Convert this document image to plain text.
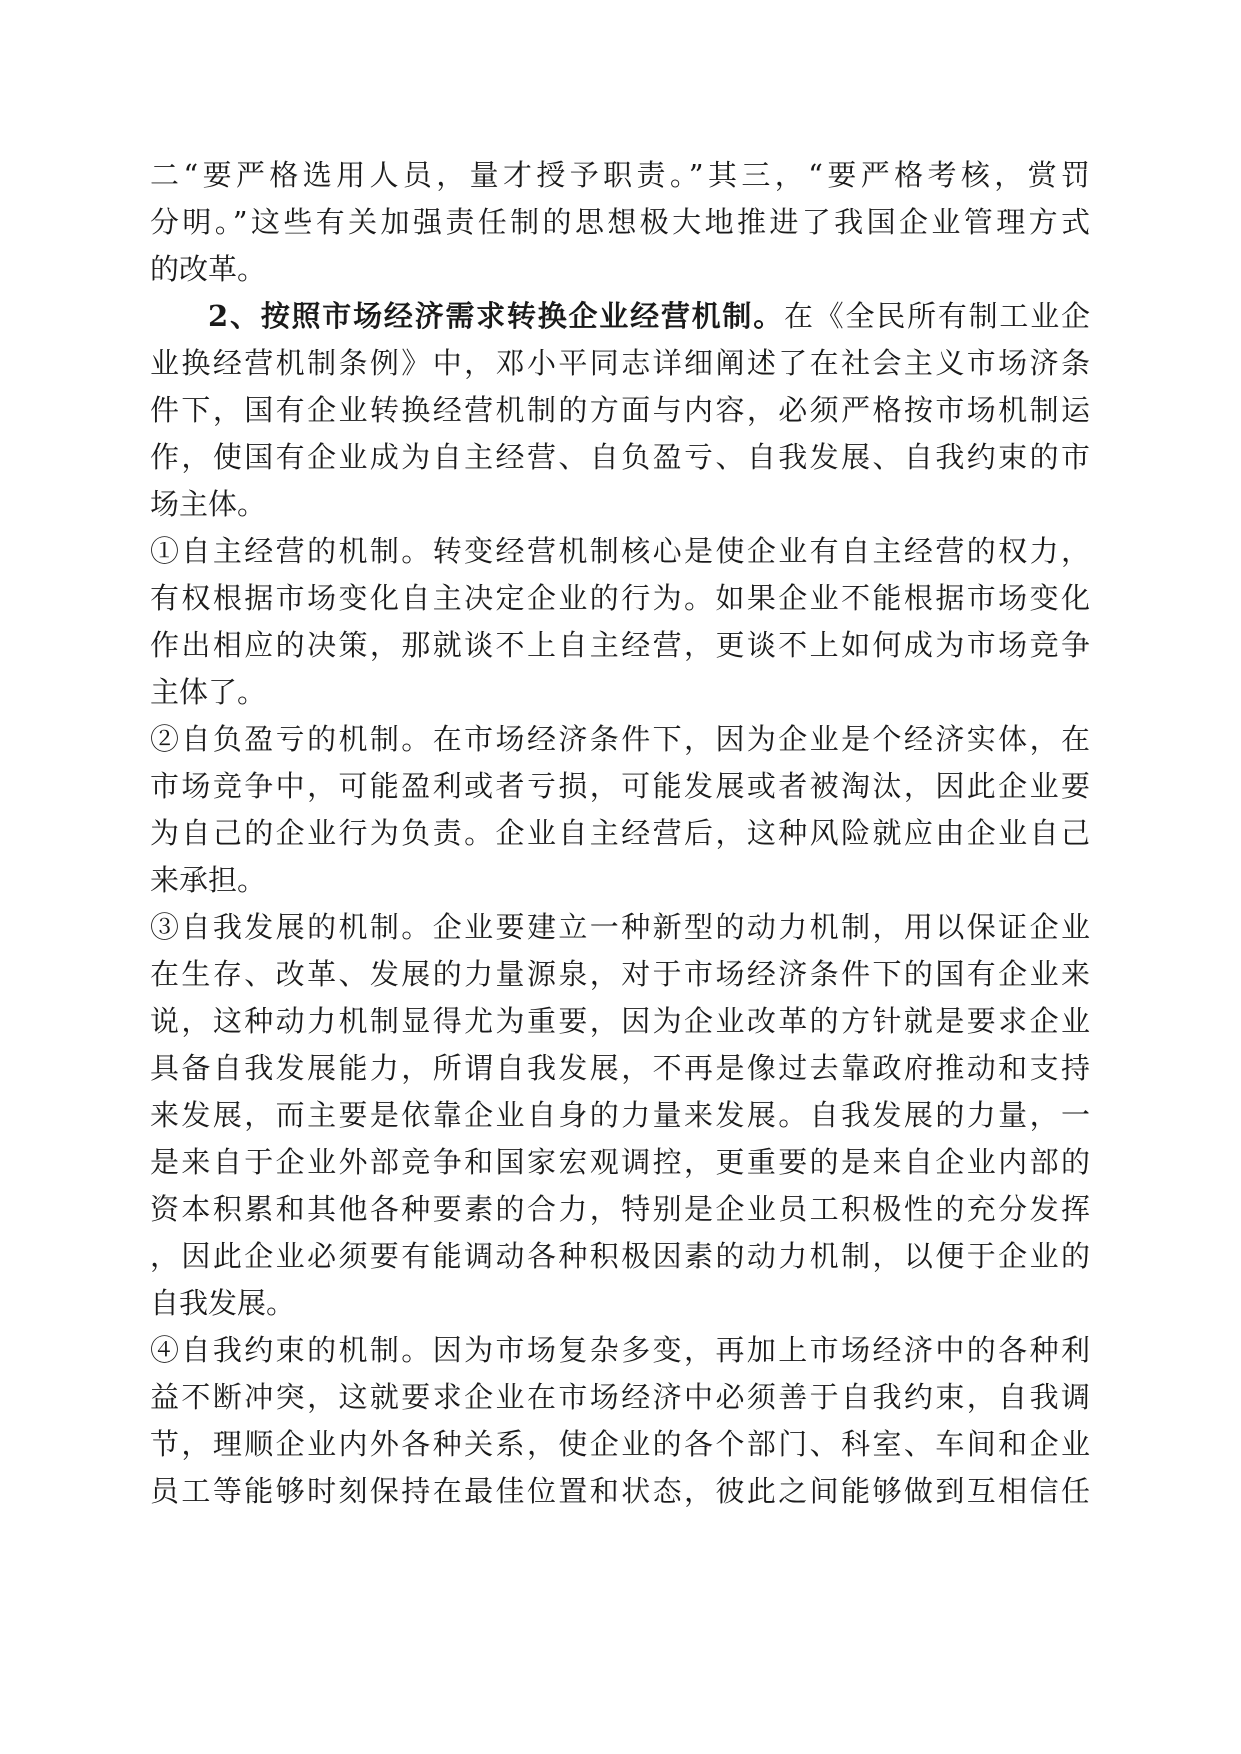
二“要严格选用人员，量才授予职责。”其三，“要严格考核，赏罚
分明。”这些有关加强责任制的思想极大地推进了我国企业管理方式
的改革。
2、按照市场经济需求转换企业经营机制。在《全民所有制工业企
业换经营机制条例》中，邓小平同志详细阐述了在社会主义市场济条
件下，国有企业转换经营机制的方面与内容，必须严格按市场机制运
作，使国有企业成为自主经营、自负盈亏、自我发展、自我约束的市
场主体。
①自主经营的机制。转变经营机制核心是使企业有自主经营的权力，
有权根据市场变化自主决定企业的行为。如果企业不能根据市场变化
作出相应的决策，那就谈不上自主经营，更谈不上如何成为市场竞争
主体了。
②自负盈亏的机制。在市场经济条件下，因为企业是个经济实体，在
市场竞争中，可能盈利或者亏损，可能发展或者被淘汰，因此企业要
为自己的企业行为负责。企业自主经营后，这种风险就应由企业自己
来承担。
③自我发展的机制。企业要建立一种新型的动力机制，用以保证企业
在生存、改革、发展的力量源泉，对于市场经济条件下的国有企业来
说，这种动力机制显得尤为重要，因为企业改革的方针就是要求企业
具备自我发展能力，所谓自我发展，不再是像过去靠政府推动和支持
来发展，而主要是依靠企业自身的力量来发展。自我发展的力量，一
是来自于企业外部竞争和国家宏观调控，更重要的是来自企业内部的
资本积累和其他各种要素的合力，特别是企业员工积极性的充分发挥
，因此企业必须要有能调动各种积极因素的动力机制，以便于企业的
自我发展。
④自我约束的机制。因为市场复杂多变，再加上市场经济中的各种利
益不断冲突，这就要求企业在市场经济中必须善于自我约束，自我调
节，理顺企业内外各种关系，使企业的各个部门、科室、车间和企业
员工等能够时刻保持在最佳位置和状态，彼此之间能够做到互相信任
